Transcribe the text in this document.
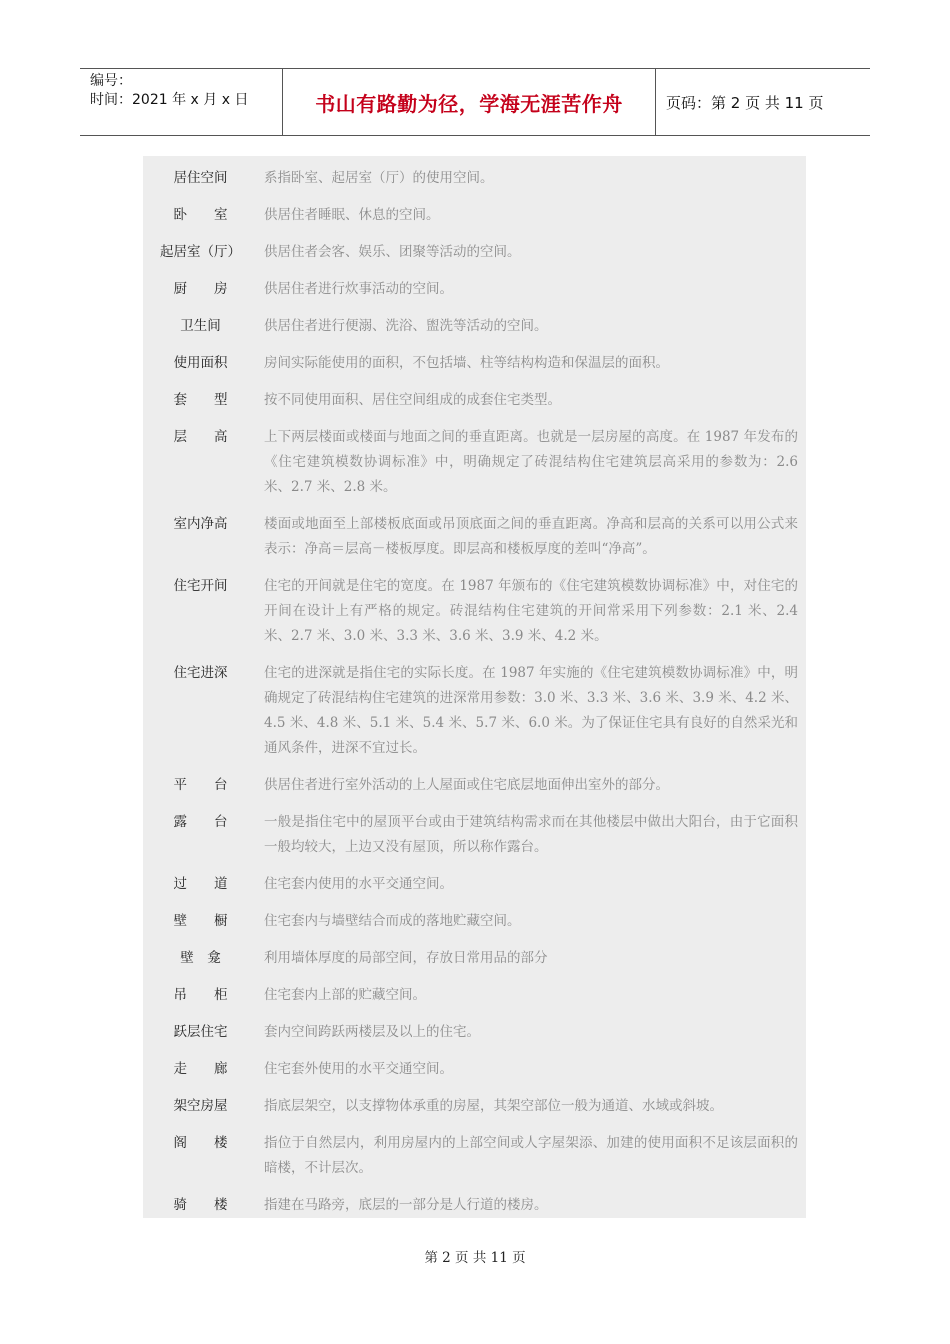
编号：
时间：2021 年 x 月 x 日	书山有路勤为径，学海无涯苦作舟	页码：第 2 页 共 11 页
居住空间	系指卧室、起居室（厅）的使用空间。
卧　　室	供居住者睡眠、休息的空间。
起居室（厅）	供居住者会客、娱乐、团聚等活动的空间。
厨　　房	供居住者进行炊事活动的空间。
卫生间	供居住者进行便溺、洗浴、盥洗等活动的空间。
使用面积	房间实际能使用的面积，不包括墙、柱等结构构造和保温层的面积。
套　　型	按不同使用面积、居住空间组成的成套住宅类型。
层　　高	上下两层楼面或楼面与地面之间的垂直距离。也就是一层房屋的高度。在 1987 年发布的《住宅建筑模数协调标准》中，明确规定了砖混结构住宅建筑层高采用的参数为：2.6 米、2.7 米、2.8 米。
室内净高	楼面或地面至上部楼板底面或吊顶底面之间的垂直距离。净高和层高的关系可以用公式来表示：净高＝层高－楼板厚度。即层高和楼板厚度的差叫“净高”。
住宅开间	住宅的开间就是住宅的宽度。在 1987 年颁布的《住宅建筑模数协调标准》中，对住宅的开间在设计上有严格的规定。砖混结构住宅建筑的开间常采用下列参数：2.1 米、2.4 米、2.7 米、3.0 米、3.3 米、3.6 米、3.9 米、4.2 米。
住宅进深	住宅的进深就是指住宅的实际长度。在 1987 年实施的《住宅建筑模数协调标准》中，明确规定了砖混结构住宅建筑的进深常用参数：3.0 米、3.3 米、3.6 米、3.9 米、4.2 米、4.5 米、4.8 米、5.1 米、5.4 米、5.7 米、6.0 米。为了保证住宅具有良好的自然采光和通风条件，进深不宜过长。
平　　台	供居住者进行室外活动的上人屋面或住宅底层地面伸出室外的部分。
露　　台	一般是指住宅中的屋顶平台或由于建筑结构需求而在其他楼层中做出大阳台，由于它面积一般均较大，上边又没有屋顶，所以称作露台。
过　　道	住宅套内使用的水平交通空间。
壁　　橱	住宅套内与墙壁结合而成的落地贮藏空间。
壁　龛	利用墙体厚度的局部空间，存放日常用品的部分
吊　　柜	住宅套内上部的贮藏空间。
跃层住宅	套内空间跨跃两楼层及以上的住宅。
走　　廊	住宅套外使用的水平交通空间。
架空房屋	指底层架空，以支撑物体承重的房屋，其架空部位一般为通道、水域或斜坡。
阁　　楼	指位于自然层内，利用房屋内的上部空间或人字屋架添、加建的使用面积不足该层面积的暗楼，不计层次。
骑　　楼	指建在马路旁，底层的一部分是人行道的楼房。
第 2 页 共 11 页
